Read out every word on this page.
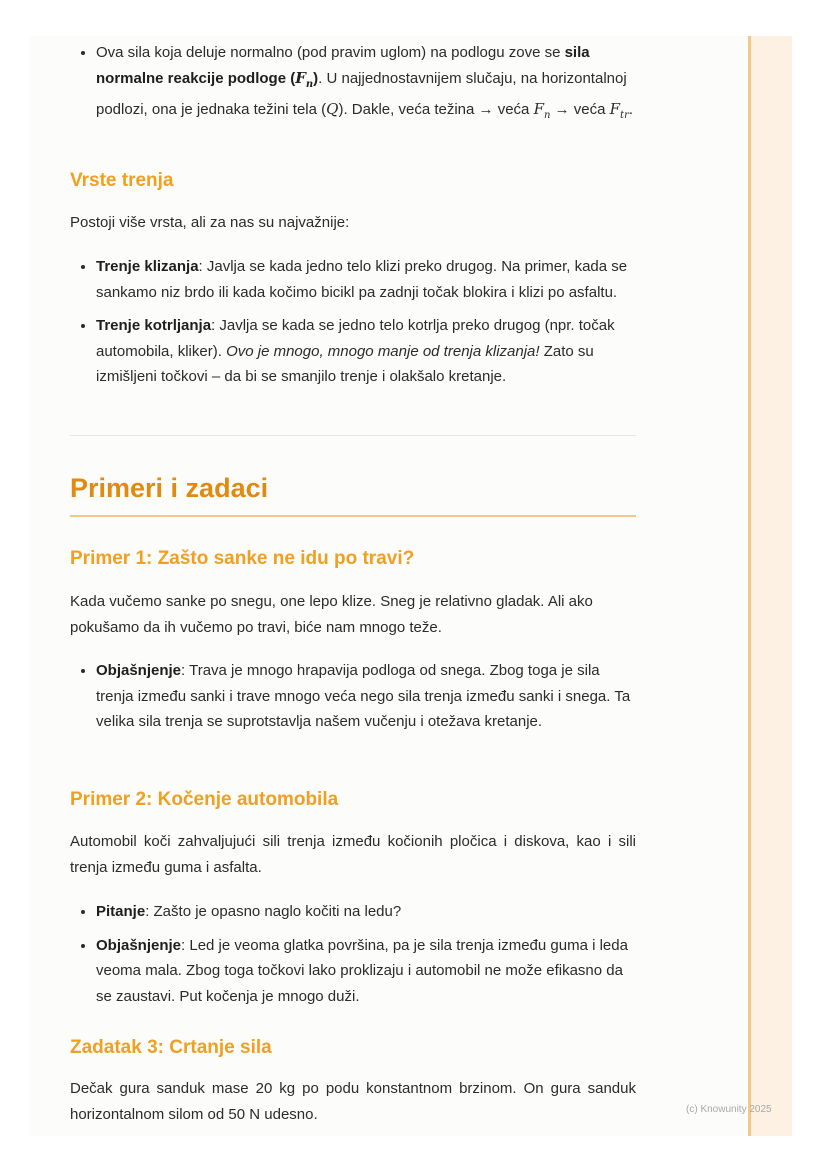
• Ova sila koja deluje normalno (pod pravim uglom) na podlogu zove se sila normalne reakcije podloge $(F_n)$. U najjednostavnijem slučaju, na horizontalnoj podlozi, ona je jednaka težini tela (Q). Dakle, veća težina → veća $F_n$ → veća $F_{tr}$.
Vrste trenja

Postoji više vrsta, ali za nas su najvažnije:

• Trenje klizanja: Javlja se kada jedno telo klizi preko drugog. Na primer, kada se sankamo niz brdo ili kada kočimo bicikl pa zadnji točak blokira i klizi po asfaltu.
• Trenje kotrljanja: Javlja se kada se jedno telo kotrlja preko drugog (npr. točak automobila, kliker). Ovo je mnogo, mnogo manje od trenja klizanja! Zato su izmišljeni točkovi – da bi se smanjilo trenje i olakšalo kretanje.
Primeri i zadaci
Primer 1: Zašto sanke ne idu po travi?

Kada vučemo sanke po snegu, one lepo klize. Sneg je relativno gladak. Ali ako pokušamo da ih vučemo po travi, biće nam mnogo teže.

• Objašnjenje: Trava je mnogo hrapavija podloga od snega. Zbog toga je sila trenja između sanki i trave mnogo veća nego sila trenja između sanki i snega. Ta velika sila trenja se suprotstavlja našem vučenju i otežava kretanje.
Primer 2: Kočenje automobila

Automobil koči zahvaljujući sili trenja između kočionih pločica i diskova, kao i sili trenja između guma i asfalta.

• Pitanje: Zašto je opasno naglo kočiti na ledu?
• Objašnjenje: Led je veoma glatka površina, pa je sila trenja između guma i leda veoma mala. Zbog toga točkovi lako proklizaju i automobil ne može efikasno da se zaustavi. Put kočenja je mnogo duži.
Zadatak 3: Crtanje sila

Dečak gura sanduk mase 20 kg po podu konstantnom brzinom. On gura sanduk horizontalnom silom od 50 N udesno.	(c) Knowunity 2025
